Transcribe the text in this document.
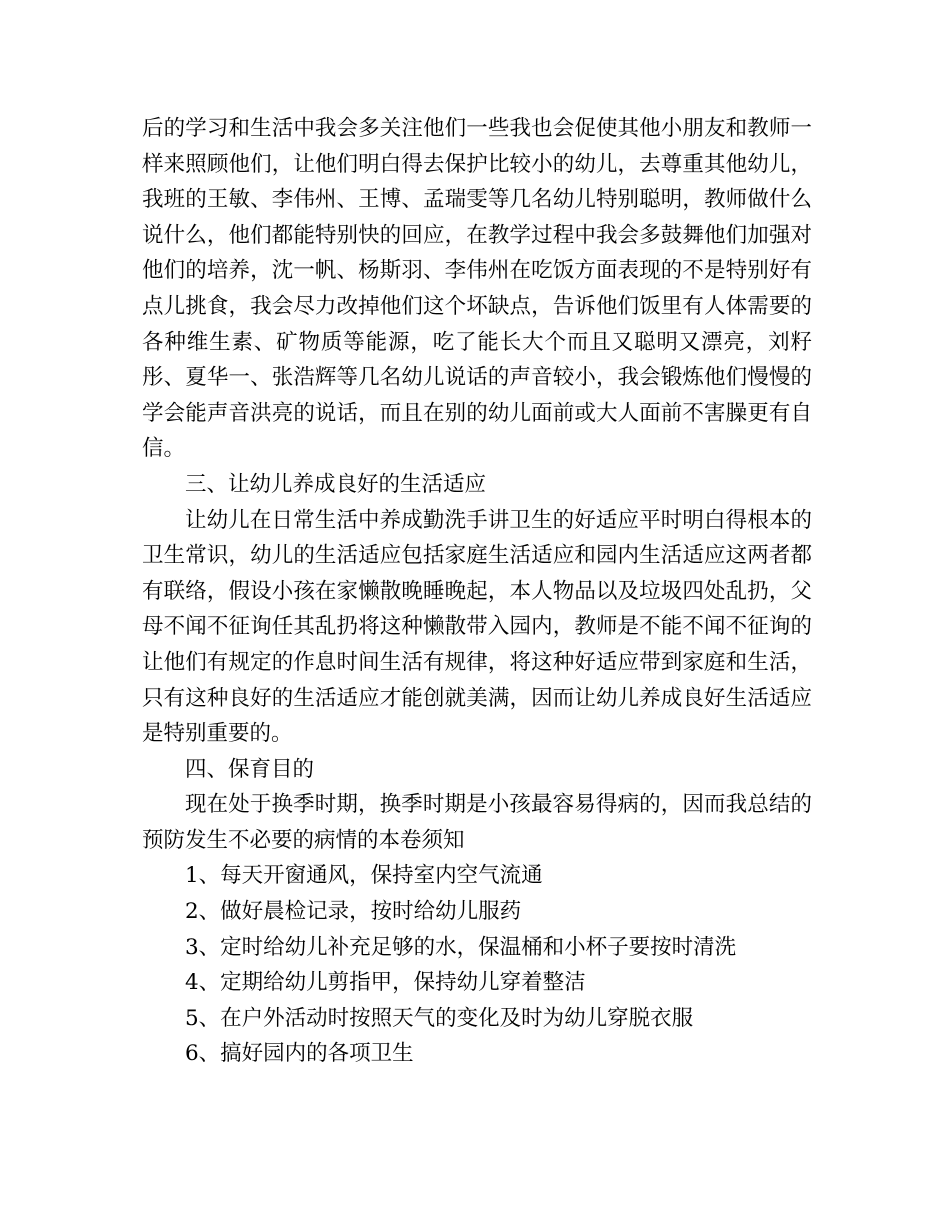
后的学习和生活中我会多关注他们一些我也会促使其他小朋友和教师一样来照顾他们，让他们明白得去保护比较小的幼儿，去尊重其他幼儿，我班的王敏、李伟州、王博、孟瑞雯等几名幼儿特别聪明，教师做什么说什么，他们都能特别快的回应，在教学过程中我会多鼓舞他们加强对他们的培养，沈一帆、杨斯羽、李伟州在吃饭方面表现的不是特别好有点儿挑食，我会尽力改掉他们这个坏缺点，告诉他们饭里有人体需要的各种维生素、矿物质等能源，吃了能长大个而且又聪明又漂亮，刘籽彤、夏华一、张浩辉等几名幼儿说话的声音较小，我会锻炼他们慢慢的学会能声音洪亮的说话，而且在别的幼儿面前或大人面前不害臊更有自信。

三、让幼儿养成良好的生活适应

让幼儿在日常生活中养成勤洗手讲卫生的好适应平时明白得根本的卫生常识，幼儿的生活适应包括家庭生活适应和园内生活适应这两者都有联络，假设小孩在家懒散晚睡晚起，本人物品以及垃圾四处乱扔，父母不闻不征询任其乱扔将这种懒散带入园内，教师是不能不闻不征询的让他们有规定的作息时间生活有规律，将这种好适应带到家庭和生活，只有这种良好的生活适应才能创就美满，因而让幼儿养成良好生活适应是特别重要的。

四、保育目的

现在处于换季时期，换季时期是小孩最容易得病的，因而我总结的预防发生不必要的病情的本卷须知

1、每天开窗通风，保持室内空气流通

2、做好晨检记录，按时给幼儿服药

3、定时给幼儿补充足够的水，保温桶和小杯子要按时清洗

4、定期给幼儿剪指甲，保持幼儿穿着整洁

5、在户外活动时按照天气的变化及时为幼儿穿脱衣服

6、搞好园内的各项卫生
